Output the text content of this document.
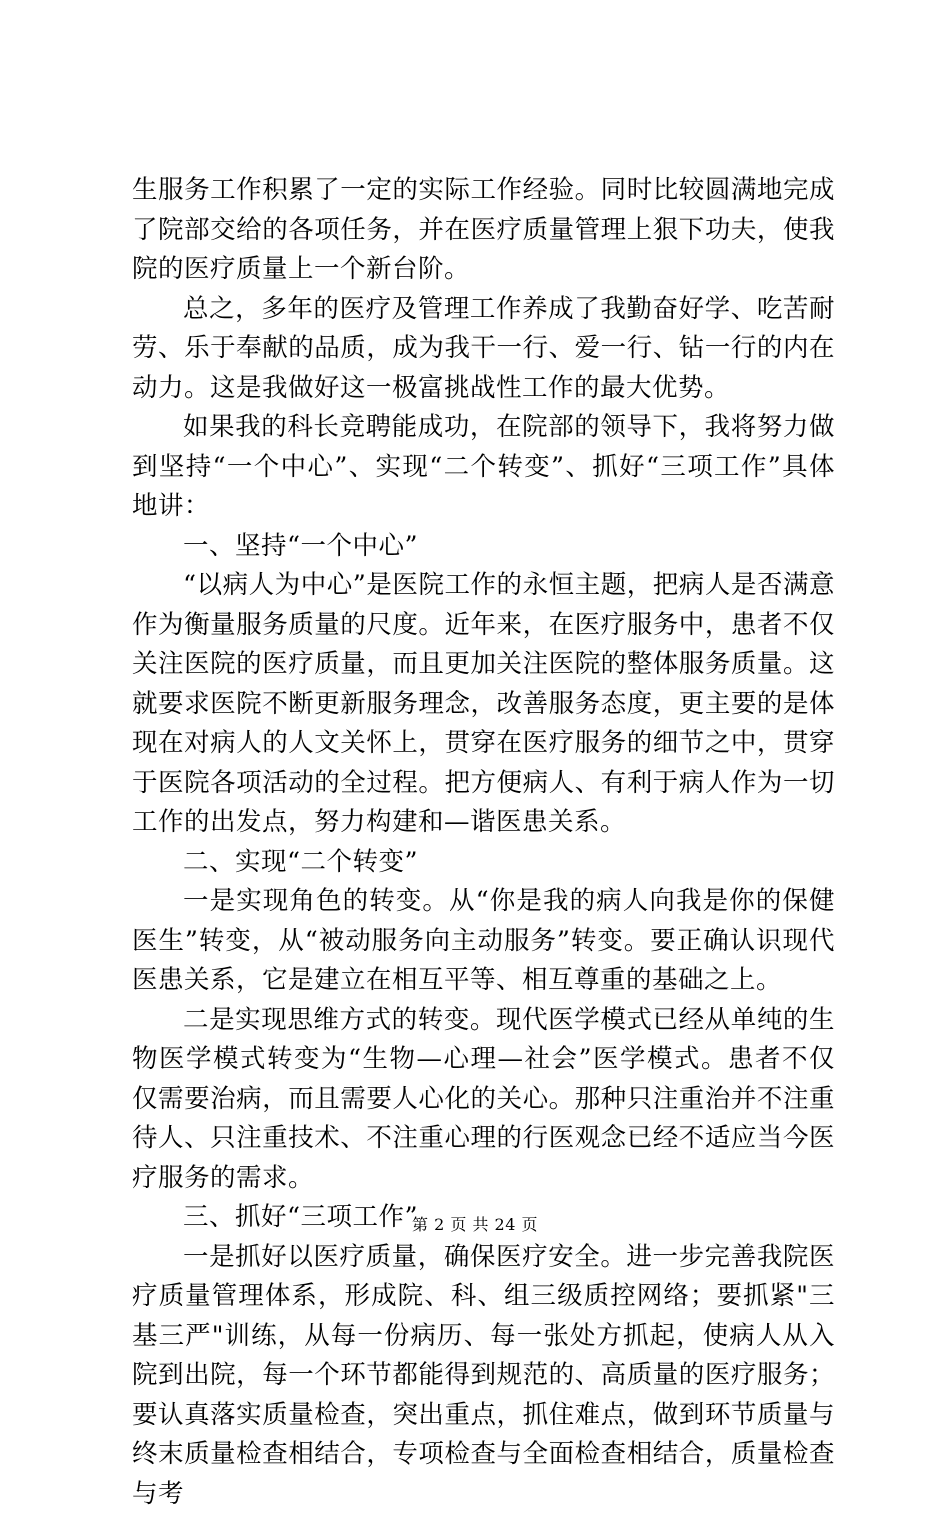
生服务工作积累了一定的实际工作经验。同时比较圆满地完成了院部交给的各项任务，并在医疗质量管理上狠下功夫，使我院的医疗质量上一个新台阶。

总之，多年的医疗及管理工作养成了我勤奋好学、吃苦耐劳、乐于奉献的品质，成为我干一行、爱一行、钻一行的内在动力。这是我做好这一极富挑战性工作的最大优势。

如果我的科长竞聘能成功，在院部的领导下，我将努力做到坚持“一个中心”、实现“二个转变”、抓好“三项工作”具体地讲：

一、坚持“一个中心”

“以病人为中心”是医院工作的永恒主题，把病人是否满意作为衡量服务质量的尺度。近年来，在医疗服务中，患者不仅关注医院的医疗质量，而且更加关注医院的整体服务质量。这就要求医院不断更新服务理念，改善服务态度，更主要的是体现在对病人的人文关怀上，贯穿在医疗服务的细节之中，贯穿于医院各项活动的全过程。把方便病人、有利于病人作为一切工作的出发点，努力构建和—谐医患关系。

二、实现“二个转变”

一是实现角色的转变。从“你是我的病人向我是你的保健医生”转变，从“被动服务向主动服务”转变。要正确认识现代医患关系，它是建立在相互平等、相互尊重的基础之上。

二是实现思维方式的转变。现代医学模式已经从单纯的生物医学模式转变为“生物—心理—社会”医学模式。患者不仅仅需要治病，而且需要人心化的关心。那种只注重治并不注重待人、只注重技术、不注重心理的行医观念已经不适应当今医疗服务的需求。

三、抓好“三项工作”

一是抓好以医疗质量，确保医疗安全。进一步完善我院医疗质量管理体系，形成院、科、组三级质控网络；要抓紧"三基三严"训练，从每一份病历、每一张处方抓起，使病人从入院到出院，每一个环节都能得到规范的、高质量的医疗服务；要认真落实质量检查，突出重点，抓住难点，做到环节质量与终末质量检查相结合，专项检查与全面检查相结合，质量检查与考

第 2 页 共 24 页
